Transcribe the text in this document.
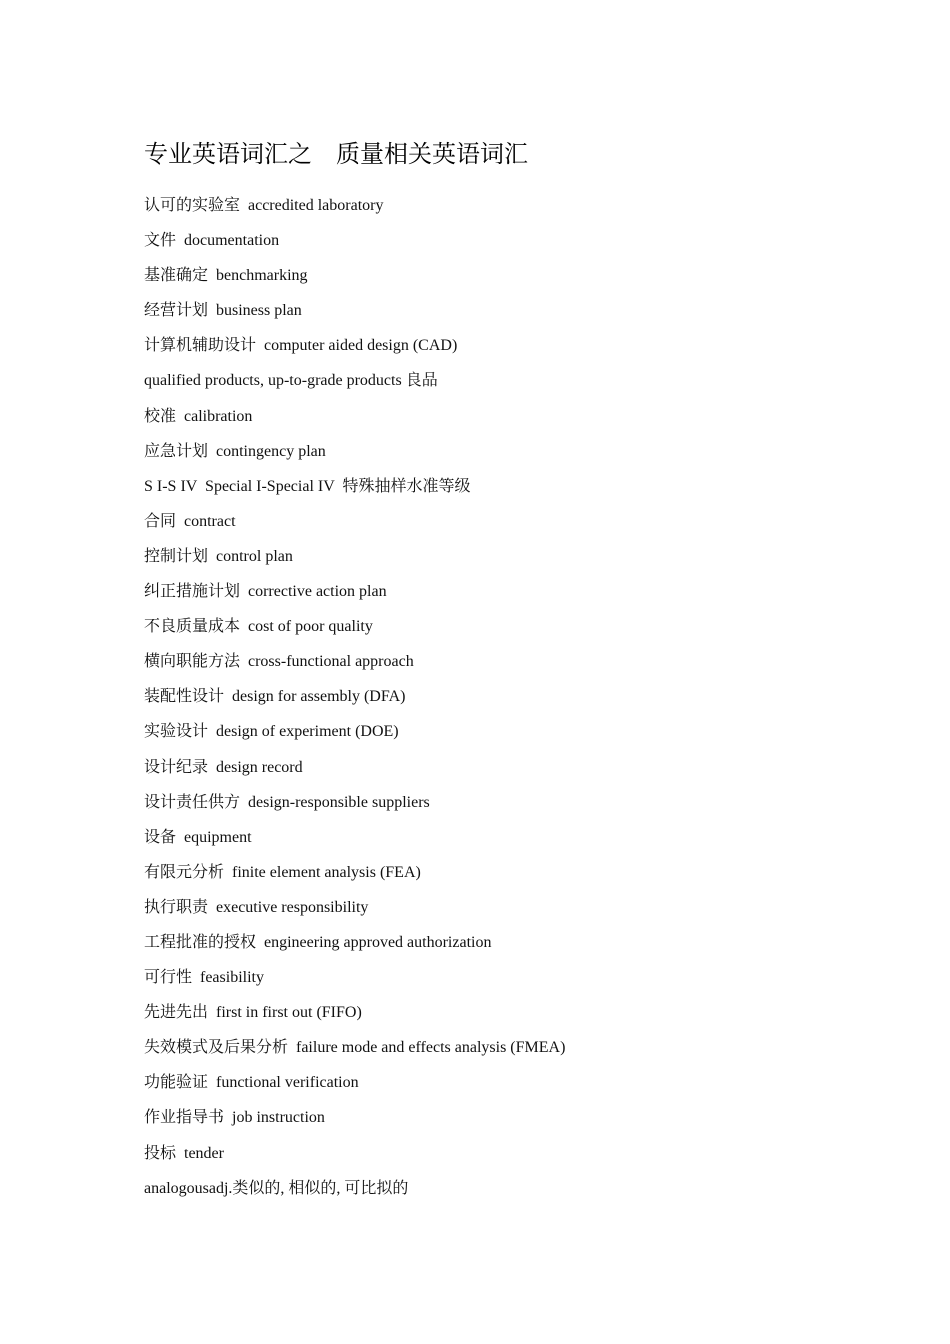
专业英语词汇之    质量相关英语词汇
认可的实验室  accredited laboratory
文件  documentation
基准确定  benchmarking
经营计划  business plan
计算机辅助设计  computer aided design (CAD)
qualified products, up-to-grade products 良品
校准  calibration
应急计划  contingency plan
S I-S IV  Special I-Special IV  特殊抽样水准等级
合同  contract
控制计划  control plan
纠正措施计划  corrective action plan
不良质量成本  cost of poor quality
横向职能方法  cross-functional approach
装配性设计  design for assembly (DFA)
实验设计  design of experiment (DOE)
设计纪录  design record
设计责任供方  design-responsible suppliers
设备  equipment
有限元分析  finite element analysis (FEA)
执行职责  executive responsibility
工程批准的授权  engineering approved authorization
可行性  feasibility
先进先出  first in first out (FIFO)
失效模式及后果分析  failure mode and effects analysis (FMEA)
功能验证  functional verification
作业指导书  job instruction
投标  tender
analogousadj.类似的, 相似的, 可比拟的
